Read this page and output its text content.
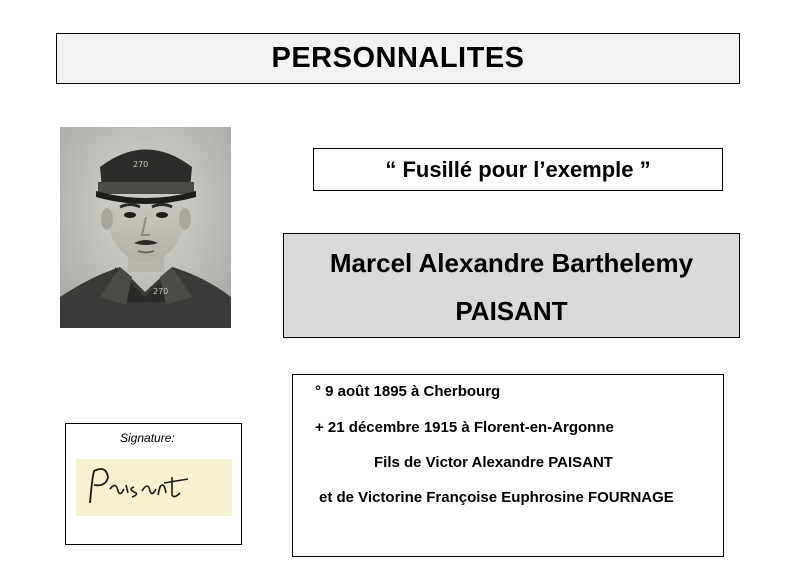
PERSONNALITES
270
270
“ Fusillé pour l’exemple ”
Marcel Alexandre Barthelemy
PAISANT
° 9 août 1895 à Cherbourg
+ 21 décembre 1915 à Florent-en-Argonne
Fils de Victor Alexandre PAISANT
et de Victorine Françoise Euphrosine FOURNAGE
Signature:
